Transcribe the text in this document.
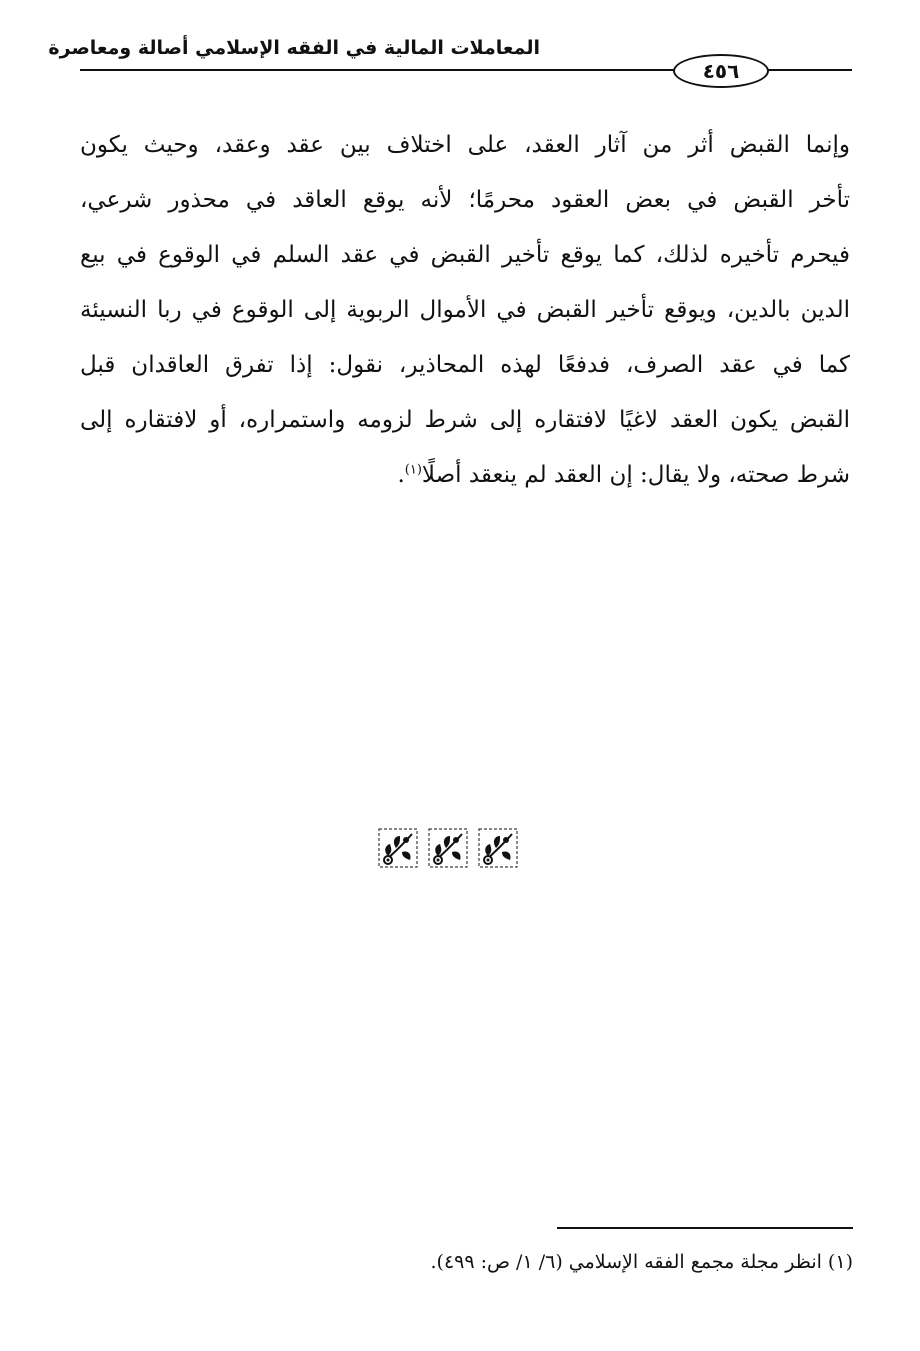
المعاملات المالية في الفقه الإسلامي أصالة ومعاصرة
٤٥٦
وإنما القبض أثر من آثار العقد، على اختلاف بين عقد وعقد، وحيث يكون
تأخر القبض في بعض العقود محرمًا؛ لأنه يوقع العاقد في محذور شرعي،
فيحرم تأخيره لذلك، كما يوقع تأخير القبض في عقد السلم في الوقوع في بيع
الدين بالدين، ويوقع تأخير القبض في الأموال الربوية إلى الوقوع في ربا النسيئة
كما في عقد الصرف، فدفعًا لهذه المحاذير، نقول: إذا تفرق العاقدان قبل
القبض يكون العقد لاغيًا لافتقاره إلى شرط لزومه واستمراره، أو لافتقاره إلى
شرط صحته، ولا يقال: إن العقد لم ينعقد أصلًا$^{(١)}$.
(١) انظر مجلة مجمع الفقه الإسلامي (٦/ ١/ ص: ٤٩٩).
